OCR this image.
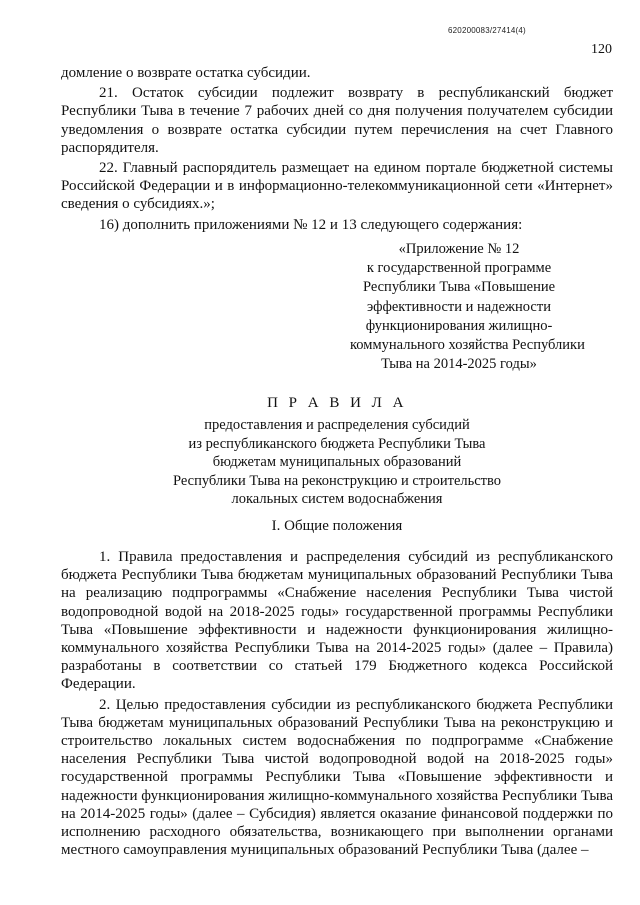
620200083/27414(4)
120

домление о возврате остатка субсидии.

21. Остаток субсидии подлежит возврату в республиканский бюджет Республики Тыва в течение 7 рабочих дней со дня получения получателем субсидии уведомления о возврате остатка субсидии путем перечисления на счет Главного распорядителя.

22. Главный распорядитель размещает на едином портале бюджетной системы Российской Федерации и в информационно-телекоммуникационной сети «Интернет» сведения о субсидиях.»;

16) дополнить приложениями № 12 и 13 следующего содержания:

«Приложение № 12
к государственной программе
Республики Тыва «Повышение
эффективности и надежности
функционирования жилищно-
коммунального хозяйства Республики
Тыва на 2014-2025 годы»
П Р А В И Л А
предоставления и распределения субсидий
из республиканского бюджета Республики Тыва
бюджетам муниципальных образований
Республики Тыва на реконструкцию и строительство
локальных систем водоснабжения
I. Общие положения

1. Правила предоставления и распределения субсидий из республиканского бюджета Республики Тыва бюджетам муниципальных образований Республики Тыва на реализацию подпрограммы «Снабжение населения Республики Тыва чистой водопроводной водой на 2018-2025 годы» государственной программы Республики Тыва «Повышение эффективности и надежности функционирования жилищно-коммунального хозяйства Республики Тыва на 2014-2025 годы» (далее – Правила) разработаны в соответствии со статьей 179 Бюджетного кодекса Российской Федерации.

2. Целью предоставления субсидии из республиканского бюджета Республики Тыва бюджетам муниципальных образований Республики Тыва на реконструкцию и строительство локальных систем водоснабжения по подпрограмме «Снабжение населения Республики Тыва чистой водопроводной водой на 2018-2025 годы» государственной программы Республики Тыва «Повышение эффективности и надежности функционирования жилищно-коммунального хозяйства Республики Тыва на 2014-2025 годы» (далее – Субсидия) является оказание финансовой поддержки по исполнению расходного обязательства, возникающего при выполнении органами местного самоуправления муниципальных образований Республики Тыва (далее –
